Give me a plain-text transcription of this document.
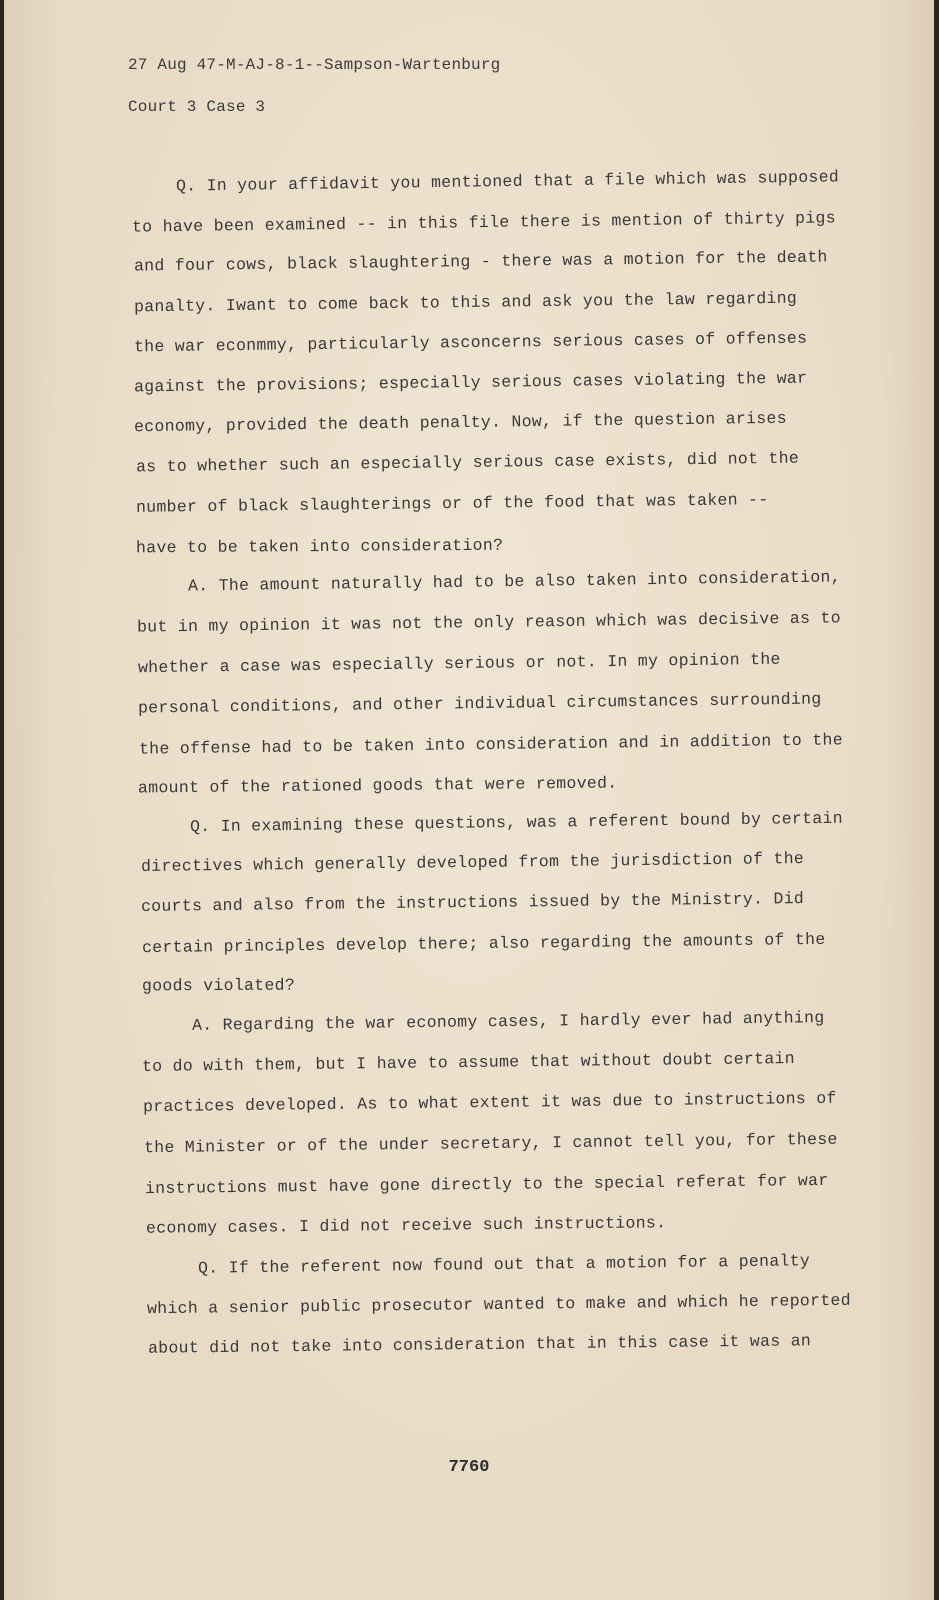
27 Aug 47-M-AJ-8-1--Sampson-Wartenburg
Court 3 Case 3
Q. In your affidavit you mentioned that a file which was supposed
to have been examined -- in this file there is mention of thirty pigs
and four cows, black slaughtering - there was a motion for the death
panalty. Iwant to come back to this and ask you the law regarding
the war econmmy, particularly asconcerns serious cases of offenses
against the provisions; especially serious cases violating the war
economy, provided the death penalty. Now, if the question arises
as to whether such an especially serious case exists, did not the
number of black slaughterings or of the food that was taken --
have to be taken into consideration?
A. The amount naturally had to be also taken into consideration,
but in my opinion it was not the only reason which was decisive as to
whether a case was especially serious or not. In my opinion the
personal conditions, and other individual circumstances surrounding
the offense had to be taken into consideration and in addition to the
amount of the rationed goods that were removed.
Q. In examining these questions, was a referent bound by certain
directives which generally developed from the jurisdiction of the
courts and also from the instructions issued by the Ministry. Did
certain principles develop there; also regarding the amounts of the
goods violated?
A. Regarding the war economy cases, I hardly ever had anything
to do with them, but I have to assume that without doubt certain
practices developed. As to what extent it was due to instructions of
the Minister or of the under secretary, I cannot tell you, for these
instructions must have gone directly to the special referat for war
economy cases. I did not receive such instructions.
Q. If the referent now found out that a motion for a penalty
which a senior public prosecutor wanted to make and which he reported
about did not take into consideration that in this case it was an
7760
